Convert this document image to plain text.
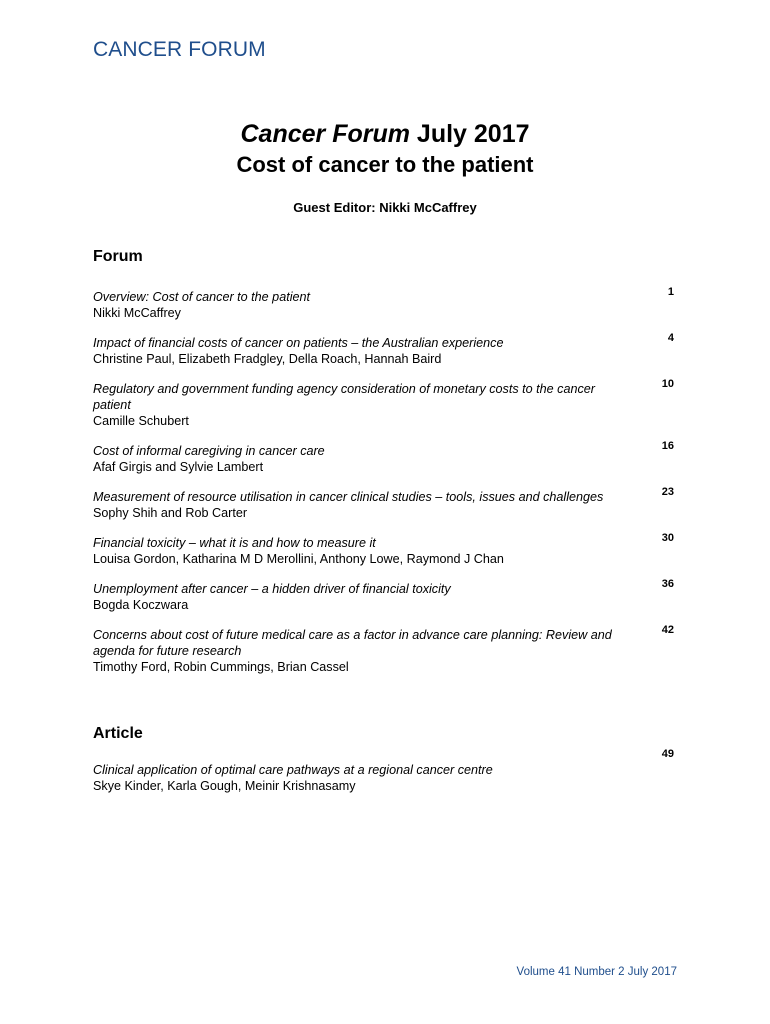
CANCER FORUM
Cancer Forum July 2017
Cost of cancer to the patient
Guest Editor: Nikki McCaffrey
Forum
Overview: Cost of cancer to the patient
Nikki McCaffrey
1
Impact of financial costs of cancer on patients – the Australian experience
Christine Paul, Elizabeth Fradgley, Della Roach, Hannah Baird
4
Regulatory and government funding agency consideration of monetary costs to the cancer patient
Camille Schubert
10
Cost of informal caregiving in cancer care
Afaf Girgis and Sylvie Lambert
16
Measurement of resource utilisation in cancer clinical studies – tools, issues and challenges
Sophy Shih and Rob Carter
23
Financial toxicity – what it is and how to measure it
Louisa Gordon, Katharina M D Merollini, Anthony Lowe, Raymond J Chan
30
Unemployment after cancer – a hidden driver of financial toxicity
Bogda Koczwara
36
Concerns about cost of future medical care as a factor in advance care planning: Review and agenda for future research
Timothy Ford, Robin Cummings, Brian Cassel
42
Article
Clinical application of optimal care pathways at a regional cancer centre
Skye Kinder, Karla Gough, Meinir Krishnasamy
49
Volume 41 Number 2 July 2017
